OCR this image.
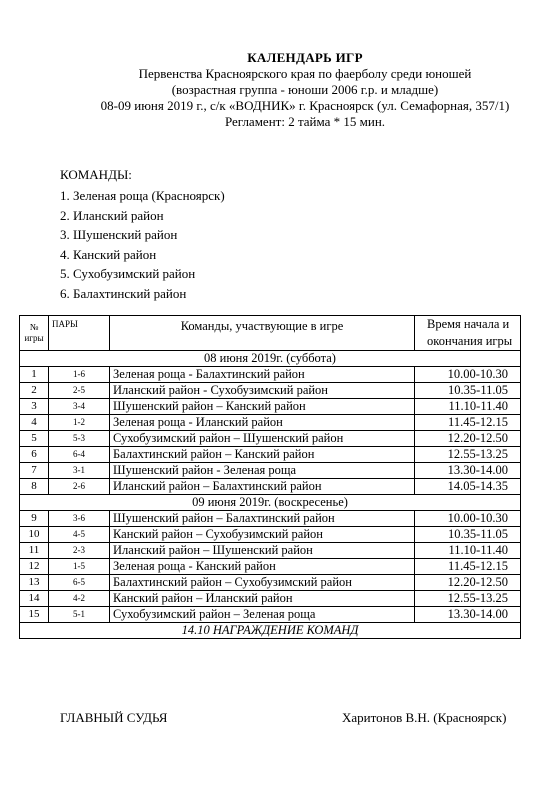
КАЛЕНДАРЬ ИГР
Первенства Красноярского края по фаерболу среди юношей
(возрастная группа - юноши 2006 г.р. и младше)
08-09 июня 2019 г., с/к «ВОДНИК» г. Красноярск (ул. Семафорная, 357/1)
Регламент: 2 тайма * 15 мин.
КОМАНДЫ:
1. Зеленая роща (Красноярск)
2. Иланский район
3. Шушенский район
4. Канский район
5. Сухобузимский район
6. Балахтинский район
№
игры	ПАРЫ	Команды, участвующие в игре	Время начала и
окончания игры
08 июня 2019г. (суббота)			
1	1-6	Зеленая роща - Балахтинский район	10.00-10.30
2	2-5	Иланский район - Сухобузимский район	10.35-11.05
3	3-4	Шушенский район – Канский район	11.10-11.40
4	1-2	Зеленая роща - Иланский район	11.45-12.15
5	5-3	Сухобузимский район – Шушенский район	12.20-12.50
6	6-4	Балахтинский район – Канский район	12.55-13.25
7	3-1	Шушенский район - Зеленая роща	13.30-14.00
8	2-6	Иланский район – Балахтинский район	14.05-14.35
09 июня 2019г. (воскресенье)			
9	3-6	Шушенский район – Балахтинский район	10.00-10.30
10	4-5	Канский район – Сухобузимский район	10.35-11.05
11	2-3	Иланский район – Шушенский район	11.10-11.40
12	1-5	Зеленая роща - Канский район	11.45-12.15
13	6-5	Балахтинский район – Сухобузимский район	12.20-12.50
14	4-2	Канский район – Иланский район	12.55-13.25
15	5-1	Сухобузимский район – Зеленая роща	13.30-14.00
14.10 НАГРАЖДЕНИЕ КОМАНД			
ГЛАВНЫЙ СУДЬЯ	Харитонов В.Н. (Красноярск)
